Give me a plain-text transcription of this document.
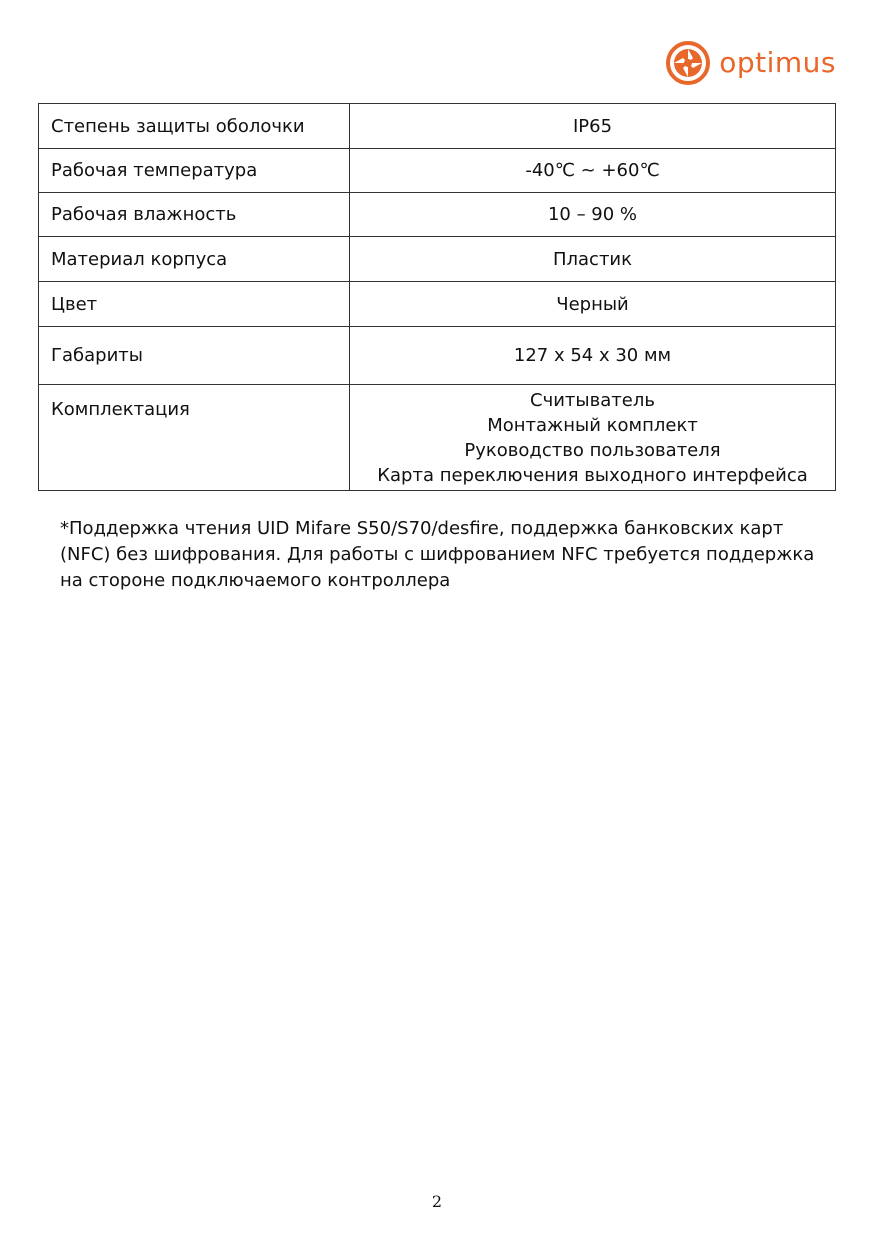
optimus
Степень защиты оболочки	IP65
Рабочая температура	-40℃ ~ +60℃
Рабочая влажность	10 – 90 %
Материал корпуса	Пластик
Цвет	Черный
Габариты	127 x 54 x 30 мм
Комплектация	Считыватель
Монтажный комплект
Руководство пользователя
Карта переключения выходного интерфейса
*Поддержка чтения UID Mifare S50/S70/desfire, поддержка банковских карт (NFC) без шифрования. Для работы с шифрованием NFC требуется поддержка на стороне подключаемого контроллера
2
